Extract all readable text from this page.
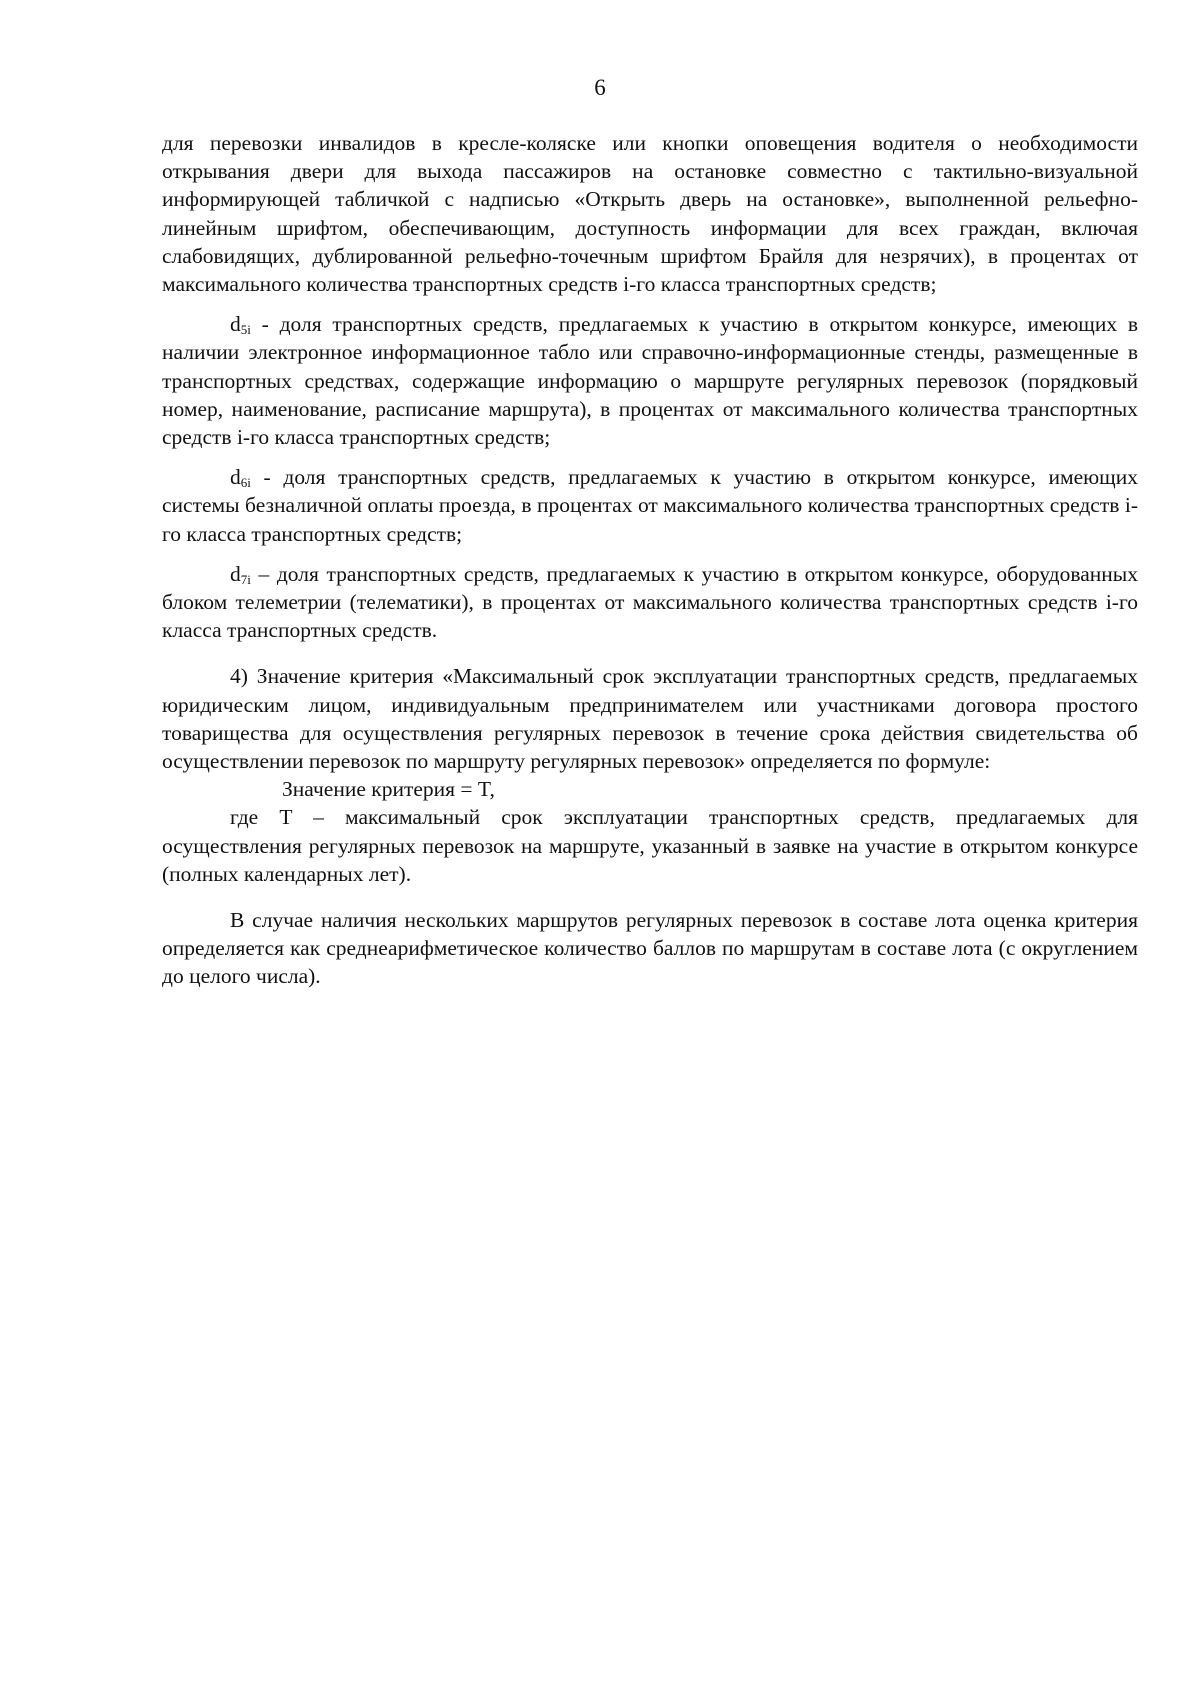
6

для перевозки инвалидов в кресле-коляске или кнопки оповещения водителя о необходимости открывания двери для выхода пассажиров на остановке совместно с тактильно-визуальной информирующей табличкой с надписью «Открыть дверь на остановке», выполненной рельефно-линейным шрифтом, обеспечивающим, доступность информации для всех граждан, включая слабовидящих, дублированной рельефно-точечным шрифтом Брайля для незрячих), в процентах от максимального количества транспортных средств i-го класса транспортных средств;

$d_{5i}$ - доля транспортных средств, предлагаемых к участию в открытом конкурсе, имеющих в наличии электронное информационное табло или справочно-информационные стенды, размещенные в транспортных средствах, содержащие информацию о маршруте регулярных перевозок (порядковый номер, наименование, расписание маршрута), в процентах от максимального количества транспортных средств i-го класса транспортных средств;

$d_{6i}$ - доля транспортных средств, предлагаемых к участию в открытом конкурсе, имеющих системы безналичной оплаты проезда, в процентах от максимального количества транспортных средств i-го класса транспортных средств;

$d_{7i}$ – доля транспортных средств, предлагаемых к участию в открытом конкурсе, оборудованных блоком телеметрии (телематики), в процентах от максимального количества транспортных средств i-го класса транспортных средств.

4) Значение критерия «Максимальный срок эксплуатации транспортных средств, предлагаемых юридическим лицом, индивидуальным предпринимателем или участниками договора простого товарищества для осуществления регулярных перевозок в течение срока действия свидетельства об осуществлении перевозок по маршруту регулярных перевозок» определяется по формуле:

Значение критерия = T,

где T – максимальный срок эксплуатации транспортных средств, предлагаемых для осуществления регулярных перевозок на маршруте, указанный в заявке на участие в открытом конкурсе (полных календарных лет).

В случае наличия нескольких маршрутов регулярных перевозок в составе лота оценка критерия определяется как среднеарифметическое количество баллов по маршрутам в составе лота (с округлением до целого числа).
